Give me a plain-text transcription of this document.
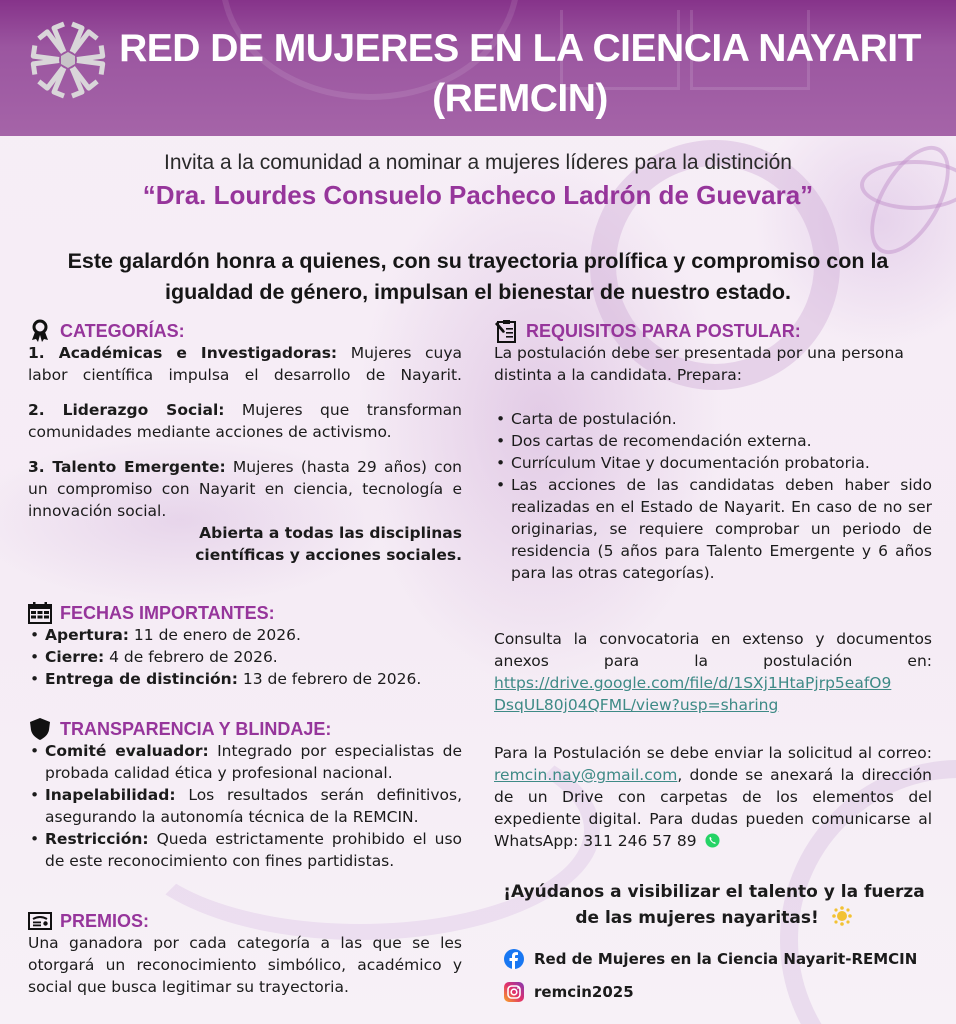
RED DE MUJERES EN LA CIENCIA NAYARIT
(REMCIN)
Invita a la comunidad a nominar a mujeres líderes para la distinción
“Dra. Lourdes Consuelo Pacheco Ladrón de Guevara”
Este galardón honra a quienes, con su trayectoria prolífica y compromiso con la
igualdad de género, impulsan el bienestar de nuestro estado.
CATEGORÍAS:

1. Académicas e Investigadoras: Mujeres cuya labor científica impulsa el desarrollo de Nayarit.

2. Liderazgo Social: Mujeres que transforman comunidades mediante acciones de activismo.

3. Talento Emergente: Mujeres (hasta 29 años) con un compromiso con Nayarit en ciencia, tecnología e innovación social.

Abierta a todas las disciplinas
científicas y acciones sociales.
FECHAS IMPORTANTES:
• Apertura: 11 de enero de 2026.
• Cierre: 4 de febrero de 2026.
• Entrega de distinción: 13 de febrero de 2026.
TRANSPARENCIA Y BLINDAJE:
• Comité evaluador: Integrado por especialistas de probada calidad ética y profesional nacional.
• Inapelabilidad: Los resultados serán definitivos, asegurando la autonomía técnica de la REMCIN.
• Restricción: Queda estrictamente prohibido el uso de este reconocimiento con fines partidistas.
PREMIOS:

Una ganadora por cada categoría a las que se les otorgará un reconocimiento simbólico, académico y social que busca legitimar su trayectoria.

REQUISITOS PARA POSTULAR:

La postulación debe ser presentada por una persona distinta a la candidata. Prepara:

• Carta de postulación.
• Dos cartas de recomendación externa.
• Currículum Vitae y documentación probatoria.
• Las acciones de las candidatas deben haber sido realizadas en el Estado de Nayarit. En caso de no ser originarias, se requiere comprobar un periodo de residencia (5 años para Talento Emergente y 6 años para las otras categorías).

Consulta la convocatoria en extenso y documentos anexos para la postulación en:

https://drive.google.com/file/d/1SXj1HtaPjrp5eafO9
DsqUL80j04QFML/view?usp=sharing

Para la Postulación se debe enviar la solicitud al correo: remcin.nay@gmail.com, donde se anexará la dirección de un Drive con carpetas de los elementos del expediente digital. Para dudas pueden comunicarse al WhatsApp: 311 246 57 89

¡Ayúdanos a visibilizar el talento y la fuerza
de las mujeres nayaritas!
Red de Mujeres en la Ciencia Nayarit-REMCIN
remcin2025
